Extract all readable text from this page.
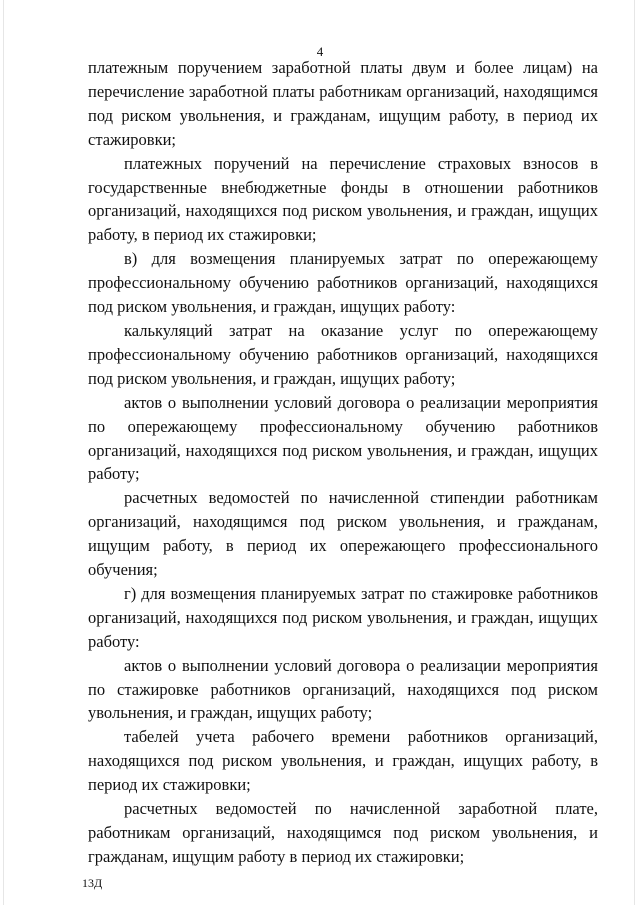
4

платежным поручением заработной платы двум и более лицам) на перечисление заработной платы работникам организаций, находящимся под риском увольнения, и гражданам, ищущим работу, в период их стажировки;

платежных поручений на перечисление страховых взносов в государственные внебюджетные фонды в отношении работников организаций, находящихся под риском увольнения, и граждан, ищущих работу, в период их стажировки;

в) для возмещения планируемых затрат по опережающему профессиональному обучению работников организаций, находящихся под риском увольнения, и граждан, ищущих работу:

калькуляций затрат на оказание услуг по опережающему профессиональному обучению работников организаций, находящихся под риском увольнения, и граждан, ищущих работу;

актов о выполнении условий договора о реализации мероприятия по опережающему профессиональному обучению работников организаций, находящихся под риском увольнения, и граждан, ищущих работу;

расчетных ведомостей по начисленной стипендии работникам организаций, находящимся под риском увольнения, и гражданам, ищущим работу, в период их опережающего профессионального обучения;

г) для возмещения планируемых затрат по стажировке работников организаций, находящихся под риском увольнения, и граждан, ищущих работу:

актов о выполнении условий договора о реализации мероприятия по стажировке работников организаций, находящихся под риском увольнения, и граждан, ищущих работу;

табелей учета рабочего времени работников организаций, находящихся под риском увольнения, и граждан, ищущих работу, в период их стажировки;

расчетных ведомостей по начисленной заработной плате, работникам организаций, находящимся под риском увольнения, и гражданам, ищущим работу в период их стажировки;

13Д
